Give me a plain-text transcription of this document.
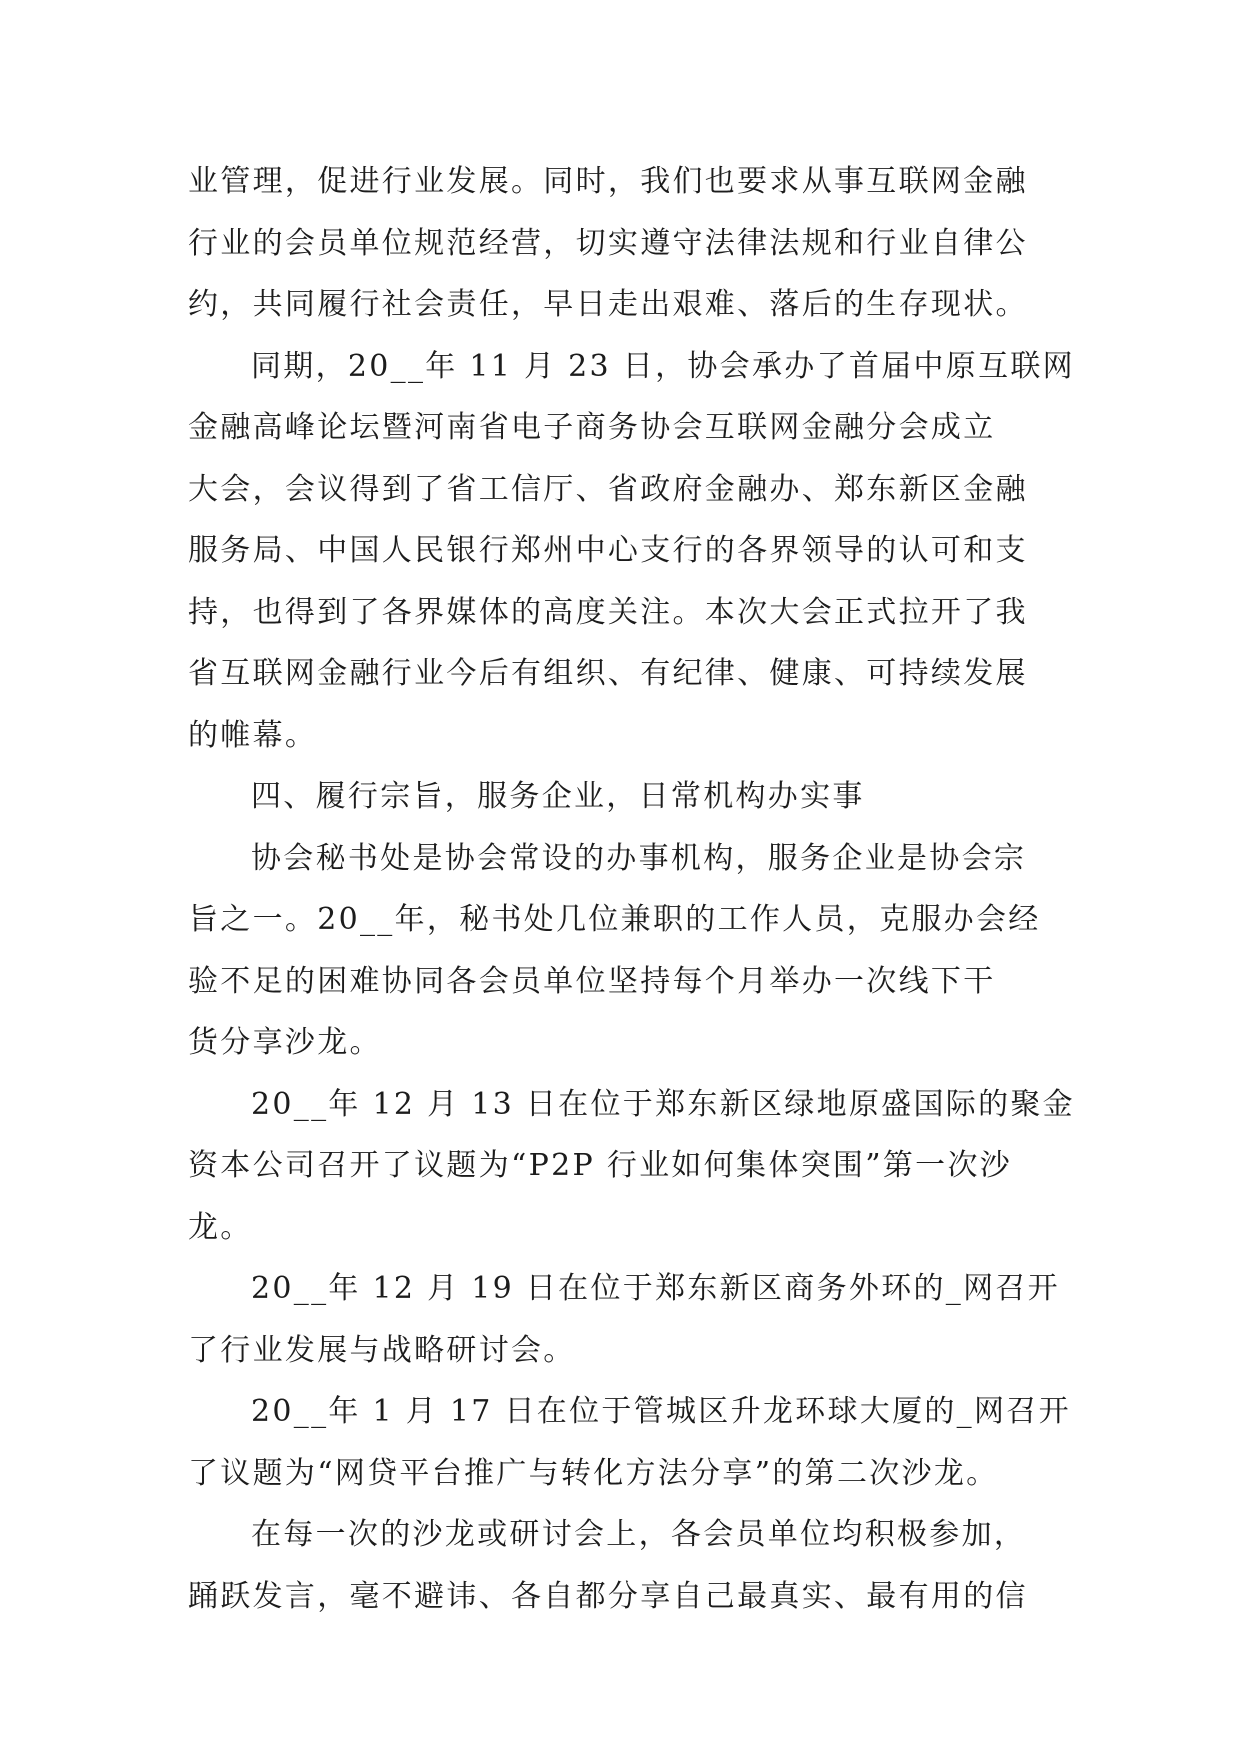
业管理，促进行业发展。同时，我们也要求从事互联网金融
行业的会员单位规范经营，切实遵守法律法规和行业自律公
约，共同履行社会责任，早日走出艰难、落后的生存现状。
同期，20__年 11 月 23 日，协会承办了首届中原互联网
金融高峰论坛暨河南省电子商务协会互联网金融分会成立
大会，会议得到了省工信厅、省政府金融办、郑东新区金融
服务局、中国人民银行郑州中心支行的各界领导的认可和支
持，也得到了各界媒体的高度关注。本次大会正式拉开了我
省互联网金融行业今后有组织、有纪律、健康、可持续发展
的帷幕。
四、履行宗旨，服务企业，日常机构办实事
协会秘书处是协会常设的办事机构，服务企业是协会宗
旨之一。20__年，秘书处几位兼职的工作人员，克服办会经
验不足的困难协同各会员单位坚持每个月举办一次线下干
货分享沙龙。
20__年 12 月 13 日在位于郑东新区绿地原盛国际的聚金
资本公司召开了议题为“P2P 行业如何集体突围”第一次沙
龙。
20__年 12 月 19 日在位于郑东新区商务外环的_网召开
了行业发展与战略研讨会。
20__年 1 月 17 日在位于管城区升龙环球大厦的_网召开
了议题为“网贷平台推广与转化方法分享”的第二次沙龙。
在每一次的沙龙或研讨会上，各会员单位均积极参加，
踊跃发言，毫不避讳、各自都分享自己最真实、最有用的信
